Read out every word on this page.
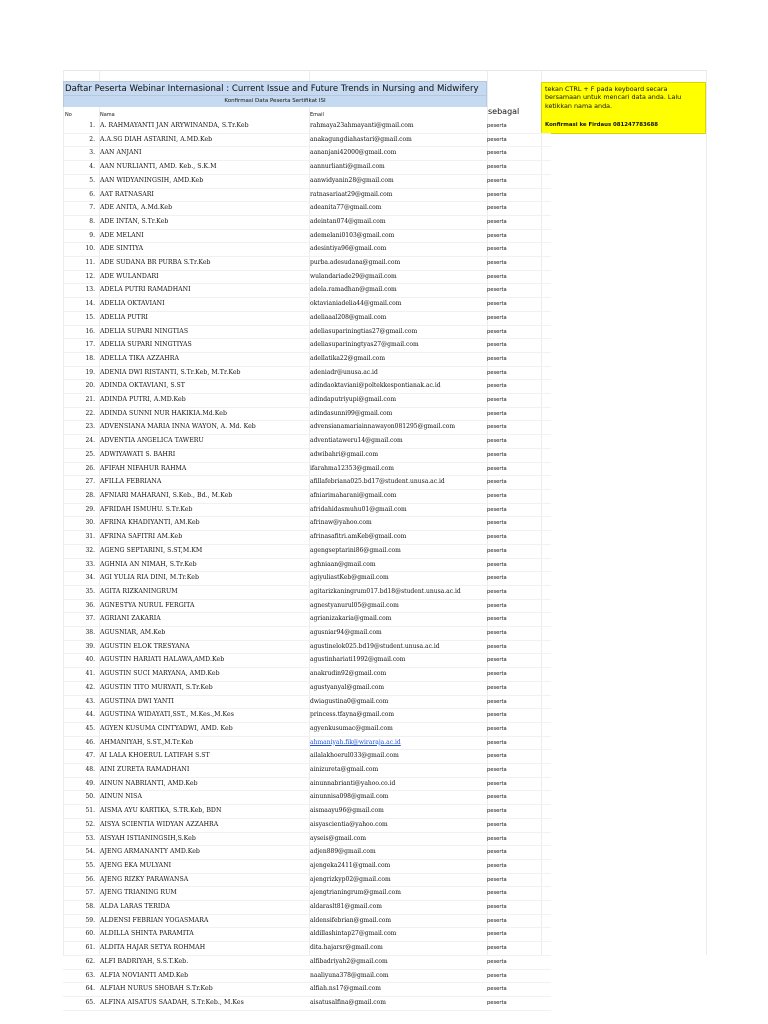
Daftar Peserta Webinar Internasional : Current Issue and Future Trends in Nursing and Midwifery
Konfirmasi Data Peserta Sertifikat ISI
sebagal
tekan CTRL + F pada keyboard secara bersamaan untuk mencari data anda. Lalu ketikkan nama anda.
Konfirmasi ke Firdaus 081247783688
No	Nama	Email
1.	A. RAHMAYANTI JAN ARYWINANDA, S.Tr.Keb	rahmaya23ahmayanti@gmail.com	peserta
2.	A.A.SG DIAH ASTARINI, A.MD.Keb	anakagungdiahastari@gmail.com	peserta
3.	AAN ANJANI	aananjani42000@gmail.com	peserta
4.	AAN NURLIANTI, AMD. Keb., S.K.M	aannurlianti@gmail.com	peserta
5.	AAN WIDYANINGSIH, AMD.Keb	aanwidyanin28@gmail.com	peserta
6.	AAT RATNASARI	ratnasariaat29@gmail.com	peserta
7.	ADE ANITA, A.Md.Keb	adeanita77@gmail.com	peserta
8.	ADE INTAN, S.Tr.Keb	adeintan074@gmail.com	peserta
9.	ADE MELANI	ademelani0103@gmail.com	peserta
10.	ADE SINTIYA	adesintiya96@gmail.com	peserta
11.	ADE SUDANA BR PURBA S.Tr.Keb	purba.adesudana@gmail.com	peserta
12.	ADE WULANDARI	wulandariade29@gmail.com	peserta
13.	ADELA PUTRI RAMADHANI	adela.ramadhan@gmail.com	peserta
14.	ADELIA OKTAVIANI	oktavianiadelia44@gmail.com	peserta
15.	ADELIA PUTRI	adeliaaal208@gmail.com	peserta
16.	ADELIA SUPARI NINGTIAS	adeliasupariningtias27@gmail.com	peserta
17.	ADELIA SUPARI NINGTIYAS	adeliasupariningtyas27@gmail.com	peserta
18.	ADELLA TIKA AZZAHRA	adellatika22@gmail.com	peserta
19.	ADENIA DWI RISTANTI, S.Tr.Keb, M.Tr.Keb	adeniadr@unusa.ac.id	peserta
20.	ADINDA OKTAVIANI, S.ST	adindaoktaviani@poltekkespontianak.ac.id	peserta
21.	ADINDA PUTRI, A.MD.Keb	adindaputriyupi@gmail.com	peserta
22.	ADINDA SUNNI NUR HAKIKIA.Md.Keb	adindasunni99@gmail.com	peserta
23.	ADVENSIANA MARIA INNA WAYON, A. Md. Keb	advensianamariainnawayon081295@gmail.com	peserta
24.	ADVENTIA ANGELICA TAWERU	adventiataweru14@gmail.com	peserta
25.	ADWIYAWATI S. BAHRI	adwibahri@gmail.com	peserta
26.	AFIFAH NIFAHUR RAHMA	ifarahma12353@gmail.com	peserta
27.	AFILLA FEBRIANA	afillafebriana025.bd17@student.unusa.ac.id	peserta
28.	AFNIARI MAHARANI, S.Keb., Bd., M.Keb	afniarimaharani@gmail.com	peserta
29.	AFRIDAH ISMUHU. S.Tr.Keb	afridahidasmuhu01@gmail.com	peserta
30.	AFRINA KHADIYANTI, AM.Keb	afrinaw@yahoo.com	peserta
31.	AFRINA SAFITRI AM.Keb	afrinasafitri.amKeb@gmail.com	peserta
32.	AGENG SEPTARINI, S.ST,M.KM	agengseptarini86@gmail.com	peserta
33.	AGHNIA AN NIMAH, S.Tr.Keb	aghniaan@gmail.com	peserta
34.	AGI YULIA RIA DINI, M.Tr.Keb	agiyuliastKeb@gmail.com	peserta
35.	AGITA RIZKANINGRUM	agitarizkaningrum017.bd18@student.unusa.ac.id	peserta
36.	AGNESTYA NURUL FERGITA	agnestyanurul05@gmail.com	peserta
37.	AGRIANI ZAKARIA	agrianizakaria@gmail.com	peserta
38.	AGUSNIAR, AM.Keb	agusniar94@gmail.com	peserta
39.	AGUSTIN ELOK TRESYANA	agustinelok025.bd19@student.unusa.ac.id	peserta
40.	AGUSTIN HARIATI HALAWA,AMD.Keb	agustinhariati1992@gmail.com	peserta
41.	AGUSTIN SUCI MARYANA, AMD.Keb	anakrudin92@gmail.com	peserta
42.	AGUSTIN TITO MURYATI, S.Tr.Keb	agustyanyal@gmail.com	peserta
43.	AGUSTINA DWI YANTI	dwiagustina0@gmail.com	peserta
44.	AGUSTINA WIDAYATI,SST., M.Kes.,M.Kes	princess.tfayna@gmail.com	peserta
45.	AGYEN KUSUMA CINTYADWI, AMD. Keb	agyenkusumac@gmail.com	peserta
46.	AHMANIYAH, S.ST.,M.Tr.Keb	ahmaniyah.fik@wiraraja.ac.id	peserta
47.	AI LALA KHOERUL LATIFAH S.ST	ailalakhoerul033@gmail.com	peserta
48.	AINI ZURETA RAMADHANI	ainizureta@gmail.com	peserta
49.	AINUN NABRIANTI, AMD.Keb	ainunnabrianti@yahoo.co.id	peserta
50.	AINUN NISA	ainunnisa098@gmail.com	peserta
51.	AISMA AYU KARTIKA, S.TR.Keb, BDN	aismaayu96@gmail.com	peserta
52.	AISYA SCIENTIA WIDYAN AZZAHRA	aisyascientia@yahoo.com	peserta
53.	AISYAH ISTIANINGSIH,S.Keb	ayseis@gmail.com	peserta
54.	AJENG ARMANANTY AMD.Keb	adjen889@gmail.com	peserta
55.	AJENG EKA MULYANI	ajengeka2411@gmail.com	peserta
56.	AJENG RIZKY PARAWANSA	ajengrizkyp02@gmail.com	peserta
57.	AJENG TRIANING RUM	ajengtrianingrum@gmail.com	peserta
58.	ALDA LARAS TERIDA	aldaraslt81@gmail.com	peserta
59.	ALDENSI FEBRIAN YOGASMARA	aldensifebrian@gmail.com	peserta
60.	ALDILLA SHINTA PARAMITA	aldillashintap27@gmail.com	peserta
61.	ALDITA HAJAR SETYA ROHMAH	dita.hajarsr@gmail.com	peserta
62.	ALFI BADRIYAH, S.S.T.Keb.	alfibadriyah2@gmail.com	peserta
63.	ALFIA NOVIANTI AMD.Keb	naaliyuna378@gmail.com	peserta
64.	ALFIAH NURUS SHOBAH S.Tr.Keb	alfiah.ns17@gmail.com	peserta
65.	ALFINA AISATUS SAADAH, S.Tr.Keb., M.Kes	aisatusalfina@gmail.com	peserta
